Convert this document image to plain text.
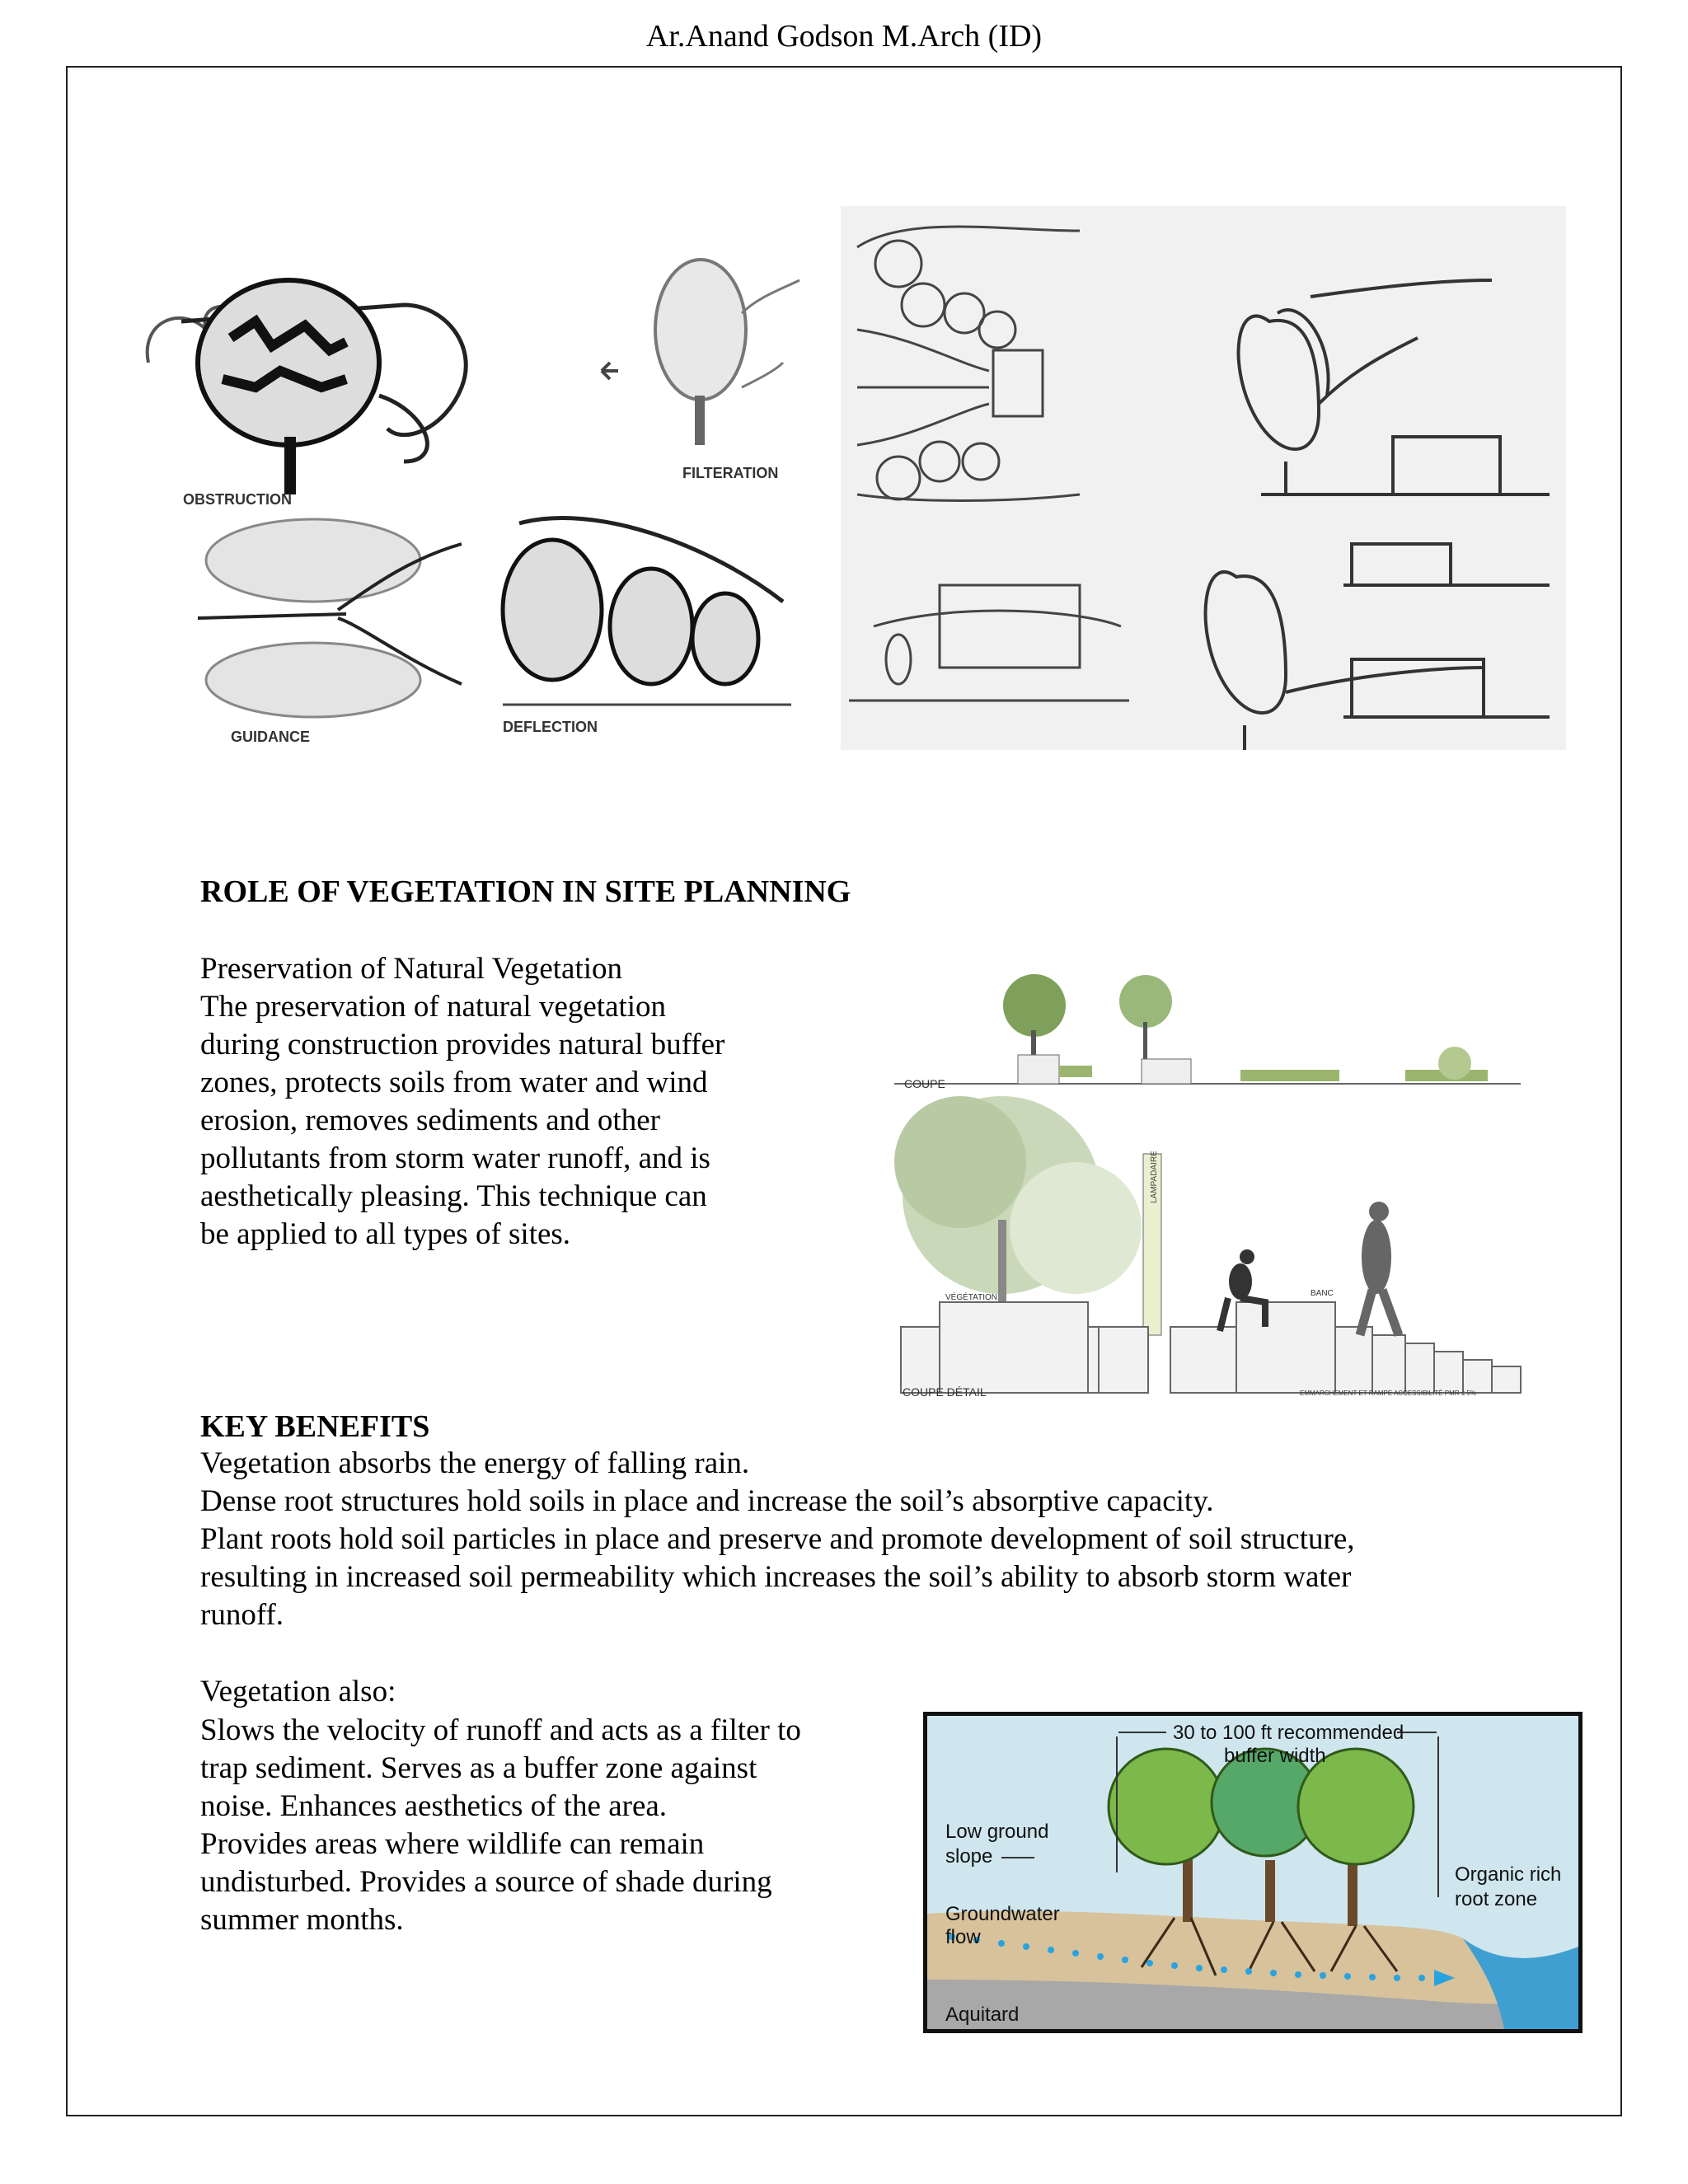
Ar.Anand Godson M.Arch (ID)
OBSTRUCTION
FILTERATION
GUIDANCE
DEFLECTION
ROLE OF VEGETATION IN SITE PLANNING
Preservation of Natural Vegetation
The preservation of natural vegetation
during construction provides natural buffer
zones, protects soils from water and wind
erosion, removes sediments and other
pollutants from storm water runoff, and is
aesthetically pleasing. This technique can
be applied to all types of sites.
COUPE
LAMPADAIRE
VÉGÉTATION	BANC
COUPE DÉTAIL	EMMARCHEMENT ET RAMPE ACCESSIBILITÉ PMR ≤ 5%
KEY BENEFITS
Vegetation absorbs the energy of falling rain.
Dense root structures hold soils in place and increase the soil’s absorptive capacity.
Plant roots hold soil particles in place and preserve and promote development of soil structure,
resulting in increased soil permeability which increases the soil’s ability to absorb storm water
runoff.
Vegetation also:
Slows the velocity of runoff and acts as a filter to
trap sediment. Serves as a buffer zone against
noise. Enhances aesthetics of the area.
Provides areas where wildlife can remain
undisturbed. Provides a source of shade during
summer months.
30 to 100 ft recommended
buffer width
Low ground
slope
Organic rich
root zone
Groundwater
flow
Aquitard
